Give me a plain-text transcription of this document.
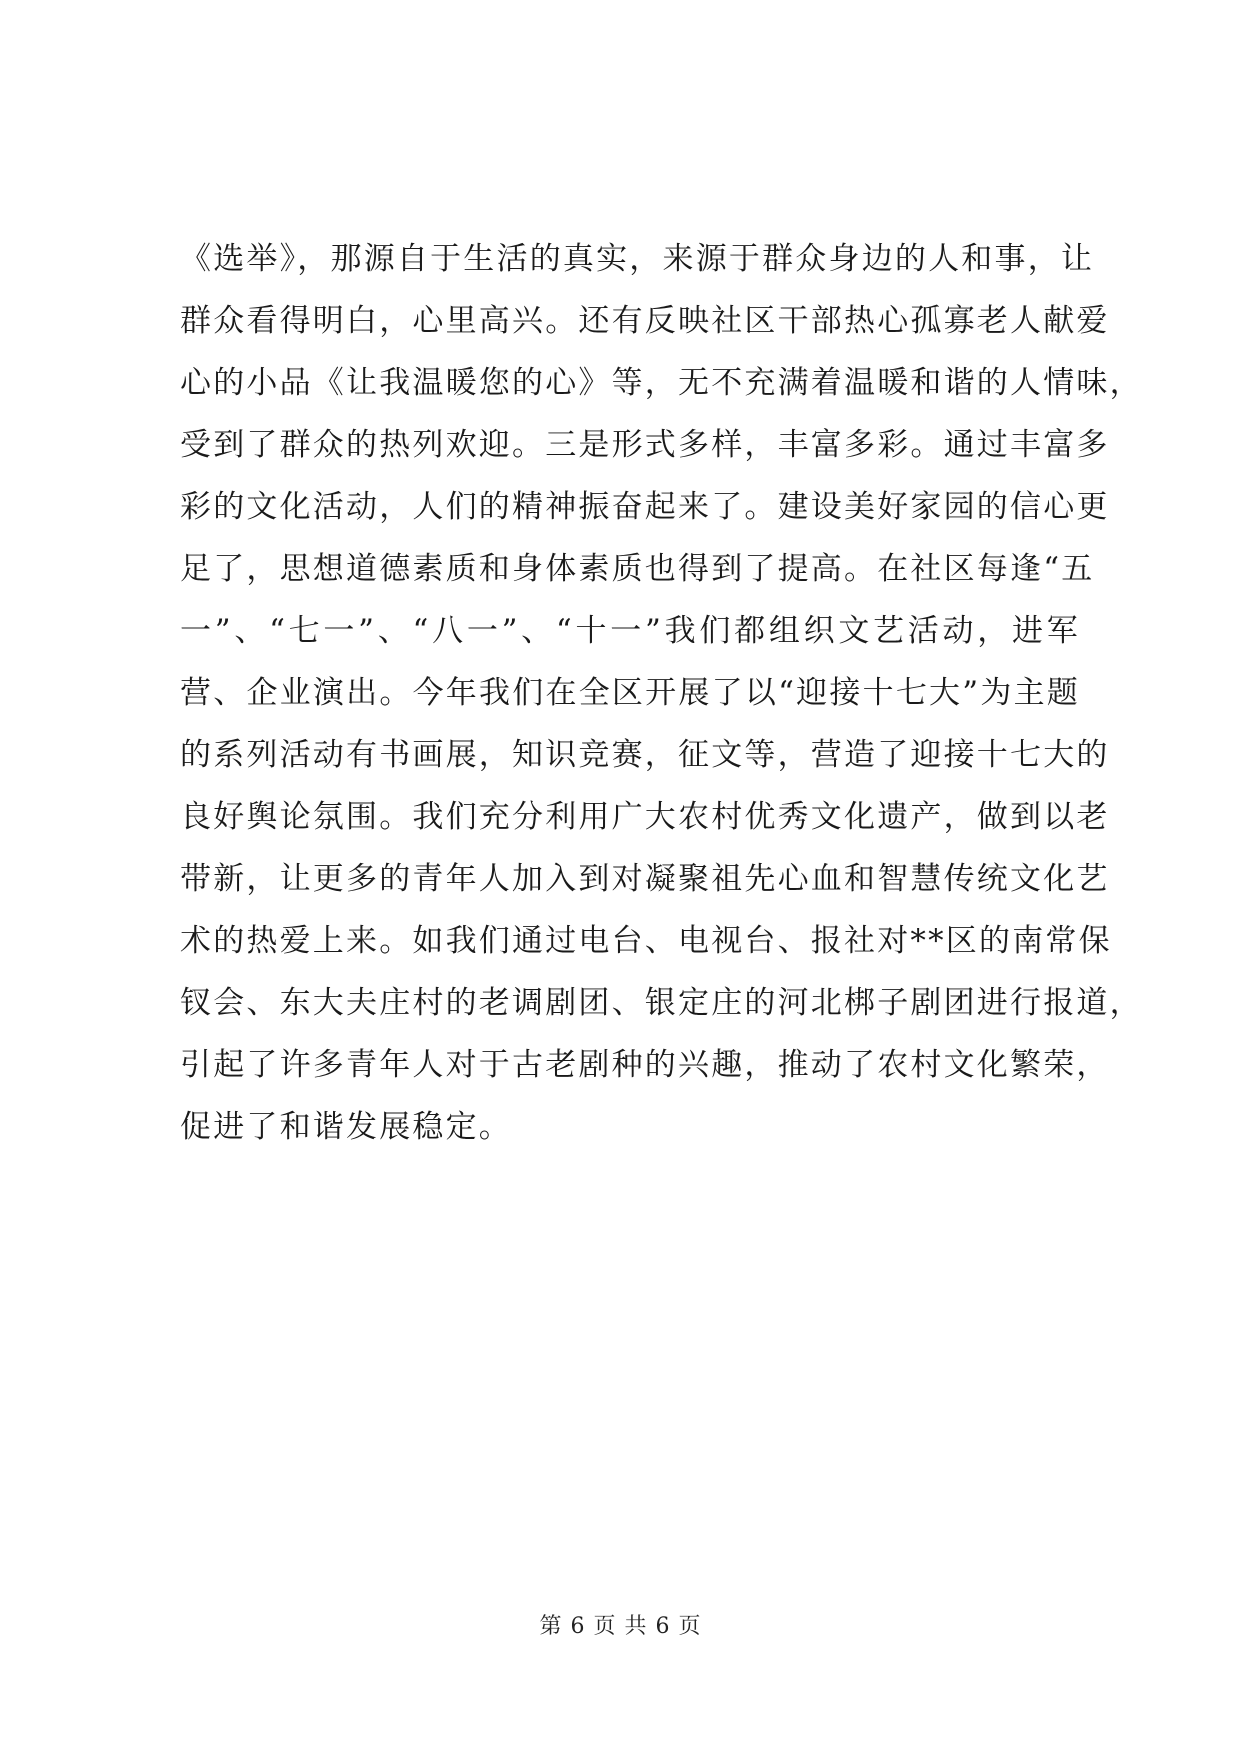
《选举》，那源自于生活的真实，来源于群众身边的人和事，让
群众看得明白，心里高兴。还有反映社区干部热心孤寡老人献爱
心的小品《让我温暖您的心》等，无不充满着温暖和谐的人情味，
受到了群众的热列欢迎。三是形式多样，丰富多彩。通过丰富多
彩的文化活动，人们的精神振奋起来了。建设美好家园的信心更
足了，思想道德素质和身体素质也得到了提高。在社区每逢“五
一”、“七一”、“八一”、“十一”我们都组织文艺活动，进军
营、企业演出。今年我们在全区开展了以“迎接十七大”为主题
的系列活动有书画展，知识竞赛，征文等，营造了迎接十七大的
良好舆论氛围。我们充分利用广大农村优秀文化遗产，做到以老
带新，让更多的青年人加入到对凝聚祖先心血和智慧传统文化艺
术的热爱上来。如我们通过电台、电视台、报社对**区的南常保
钗会、东大夫庄村的老调剧团、银定庄的河北梆子剧团进行报道，
引起了许多青年人对于古老剧种的兴趣，推动了农村文化繁荣，
促进了和谐发展稳定。
第 6 页 共 6 页
